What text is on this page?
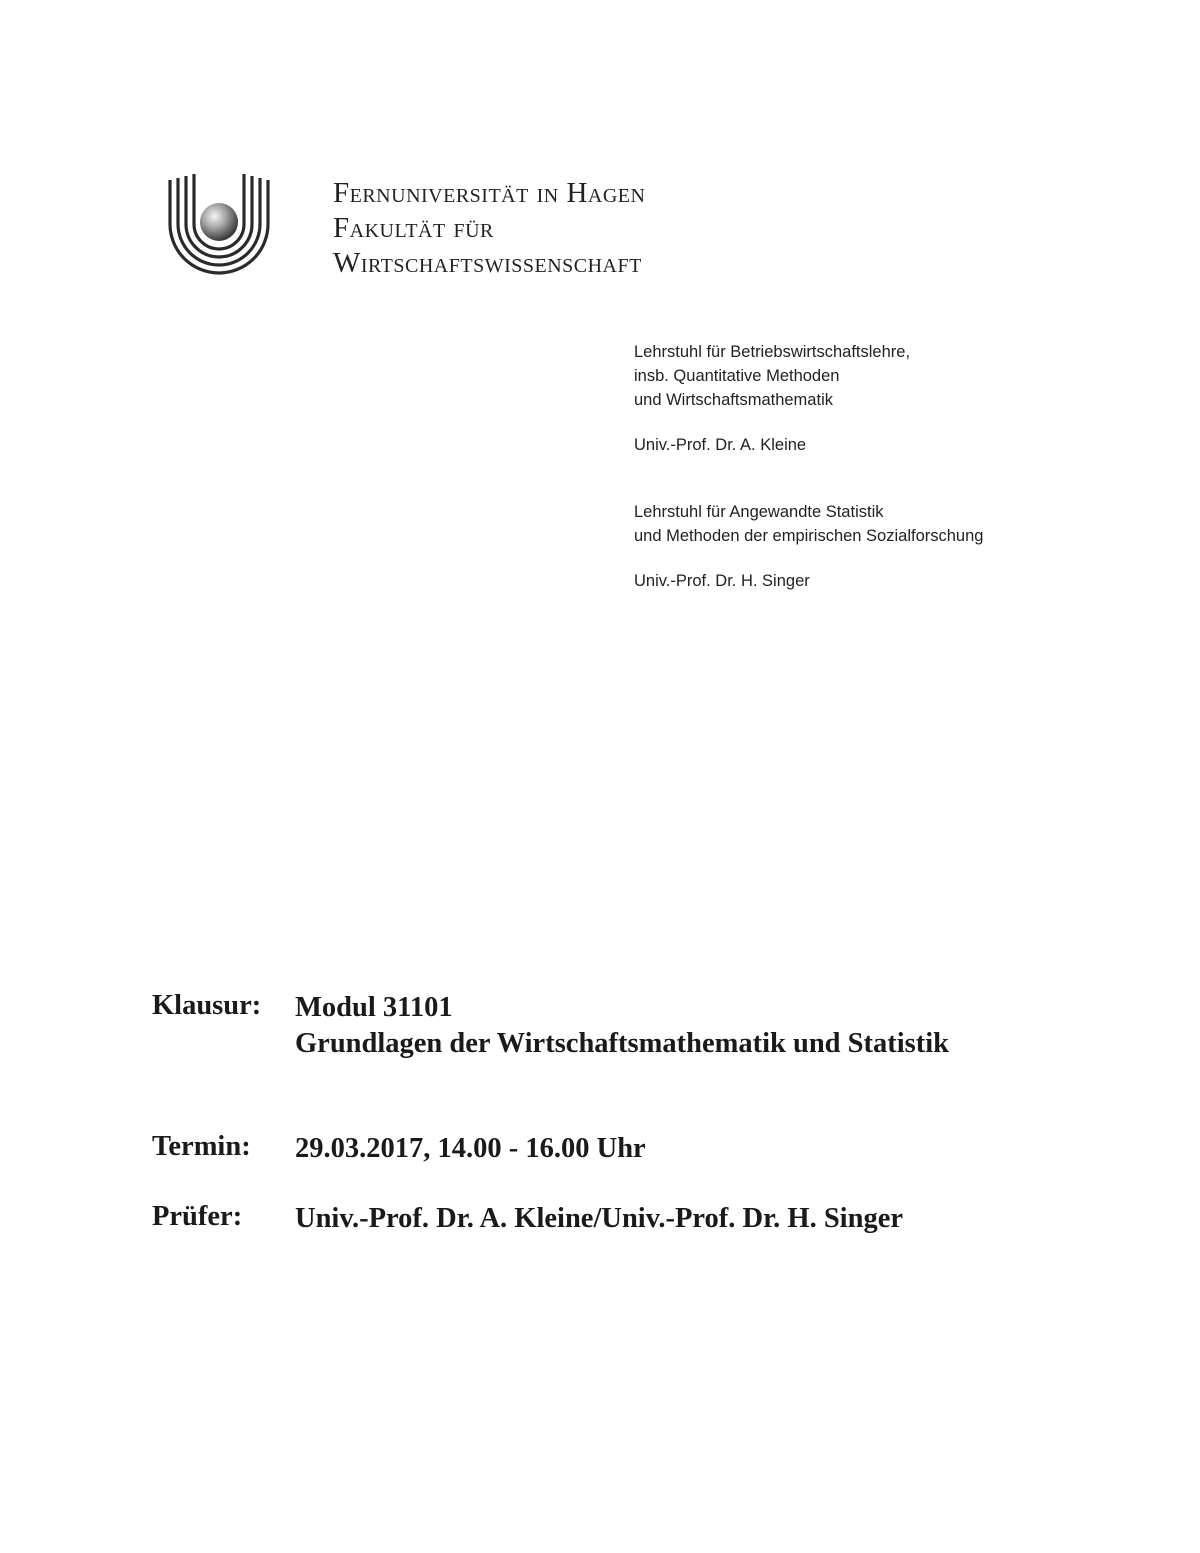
Fernuniversität in Hagen
Fakultät für
Wirtschaftswissenschaft
Lehrstuhl für Betriebswirtschaftslehre,
insb. Quantitative Methoden
und Wirtschaftsmathematik
Univ.-Prof. Dr. A. Kleine
Lehrstuhl für Angewandte Statistik
und Methoden der empirischen Sozialforschung
Univ.-Prof. Dr. H. Singer
Klausur:	Modul 31101
Grundlagen der Wirtschaftsmathematik und Statistik
Termin:	29.03.2017, 14.00 - 16.00 Uhr
Prüfer:	Univ.-Prof. Dr. A. Kleine/Univ.-Prof. Dr. H. Singer
